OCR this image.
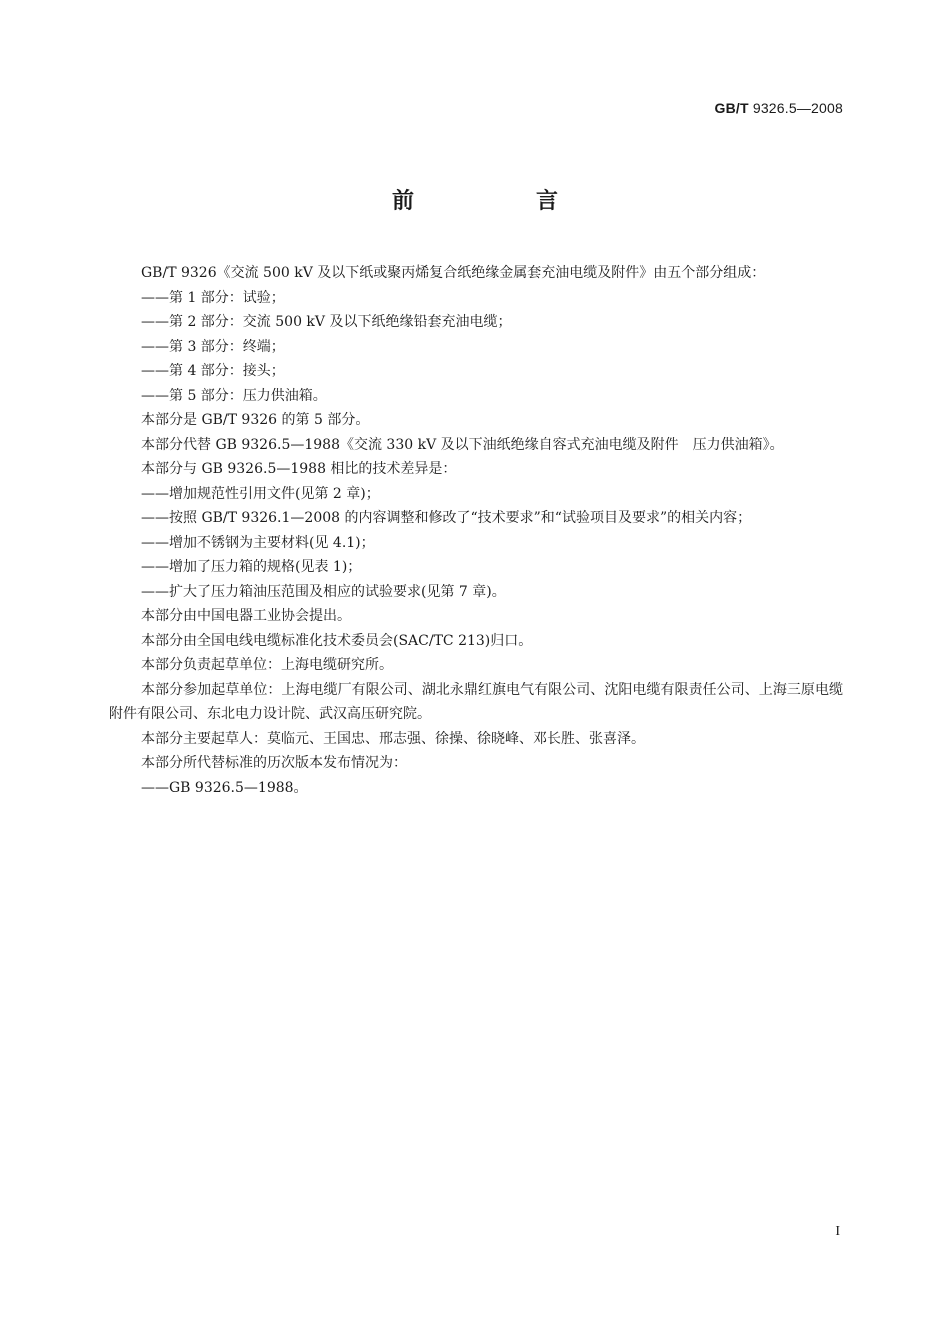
GB/T 9326.5—2008
前　言

GB/T 9326《交流 500 kV 及以下纸或聚丙烯复合纸绝缘金属套充油电缆及附件》由五个部分组成：

——第 1 部分：试验；

——第 2 部分：交流 500 kV 及以下纸绝缘铅套充油电缆；

——第 3 部分：终端；

——第 4 部分：接头；

——第 5 部分：压力供油箱。

本部分是 GB/T 9326 的第 5 部分。

本部分代替 GB 9326.5—1988《交流 330 kV 及以下油纸绝缘自容式充油电缆及附件　压力供油箱》。

本部分与 GB 9326.5—1988 相比的技术差异是：

——增加规范性引用文件(见第 2 章)；

——按照 GB/T 9326.1—2008 的内容调整和修改了“技术要求”和“试验项目及要求”的相关内容；

——增加不锈钢为主要材料(见 4.1)；

——增加了压力箱的规格(见表 1)；

——扩大了压力箱油压范围及相应的试验要求(见第 7 章)。

本部分由中国电器工业协会提出。

本部分由全国电线电缆标准化技术委员会(SAC/TC 213)归口。

本部分负责起草单位：上海电缆研究所。

本部分参加起草单位：上海电缆厂有限公司、湖北永鼎红旗电气有限公司、沈阳电缆有限责任公司、上海三原电缆附件有限公司、东北电力设计院、武汉高压研究院。

本部分主要起草人：莫临元、王国忠、邢志强、徐操、徐晓峰、邓长胜、张喜泽。

本部分所代替标准的历次版本发布情况为：

——GB 9326.5—1988。

I
